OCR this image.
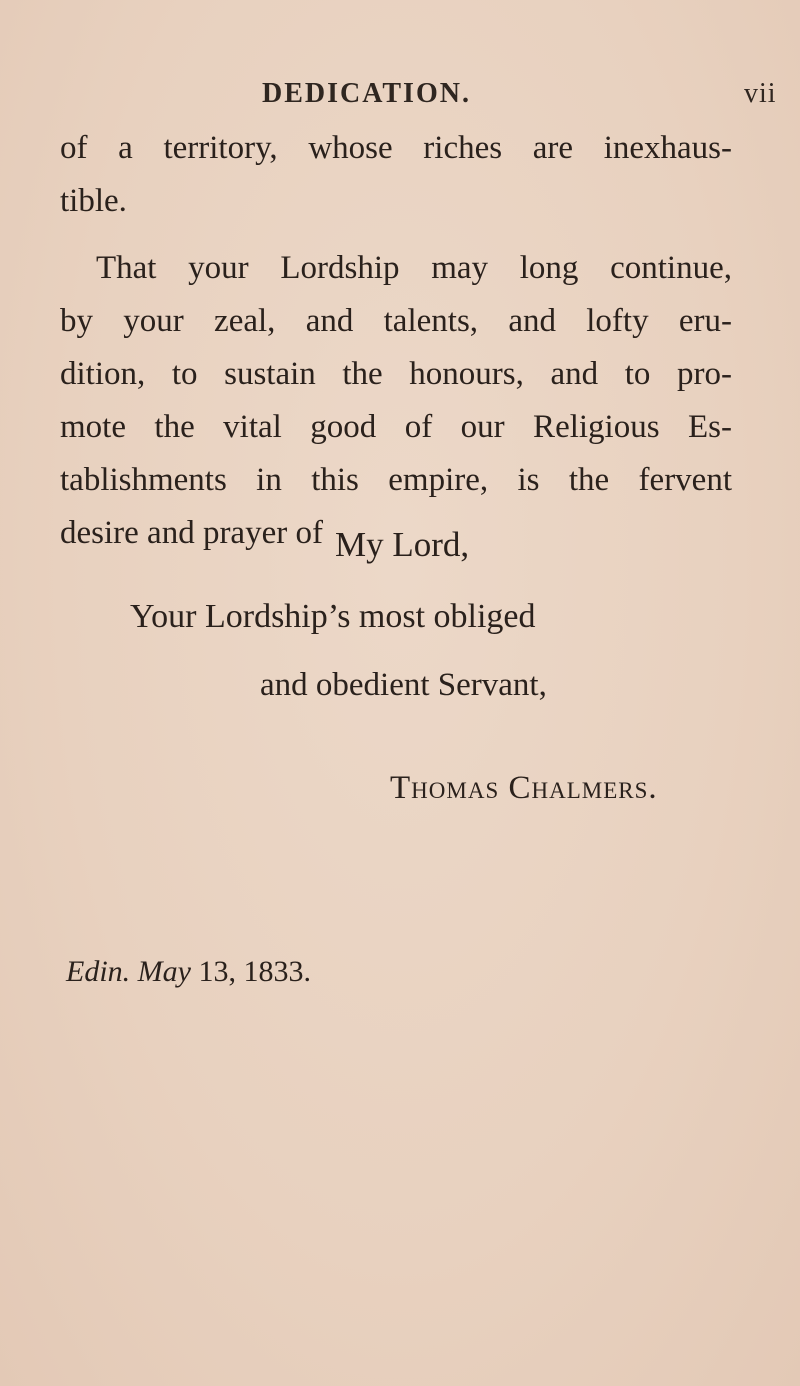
DEDICATION.	vii

of a territory, whose riches are inexhaus-
tible.

That your Lordship may long continue,
by your zeal, and talents, and lofty eru-
dition, to sustain the honours, and to pro-
mote the vital good of our Religious Es-
tablishments in this empire, is the fervent
desire and prayer of My Lord,
Your Lordship’s most obliged
and obedient Servant,
Thomas Chalmers.
Edin. May 13, 1833.
